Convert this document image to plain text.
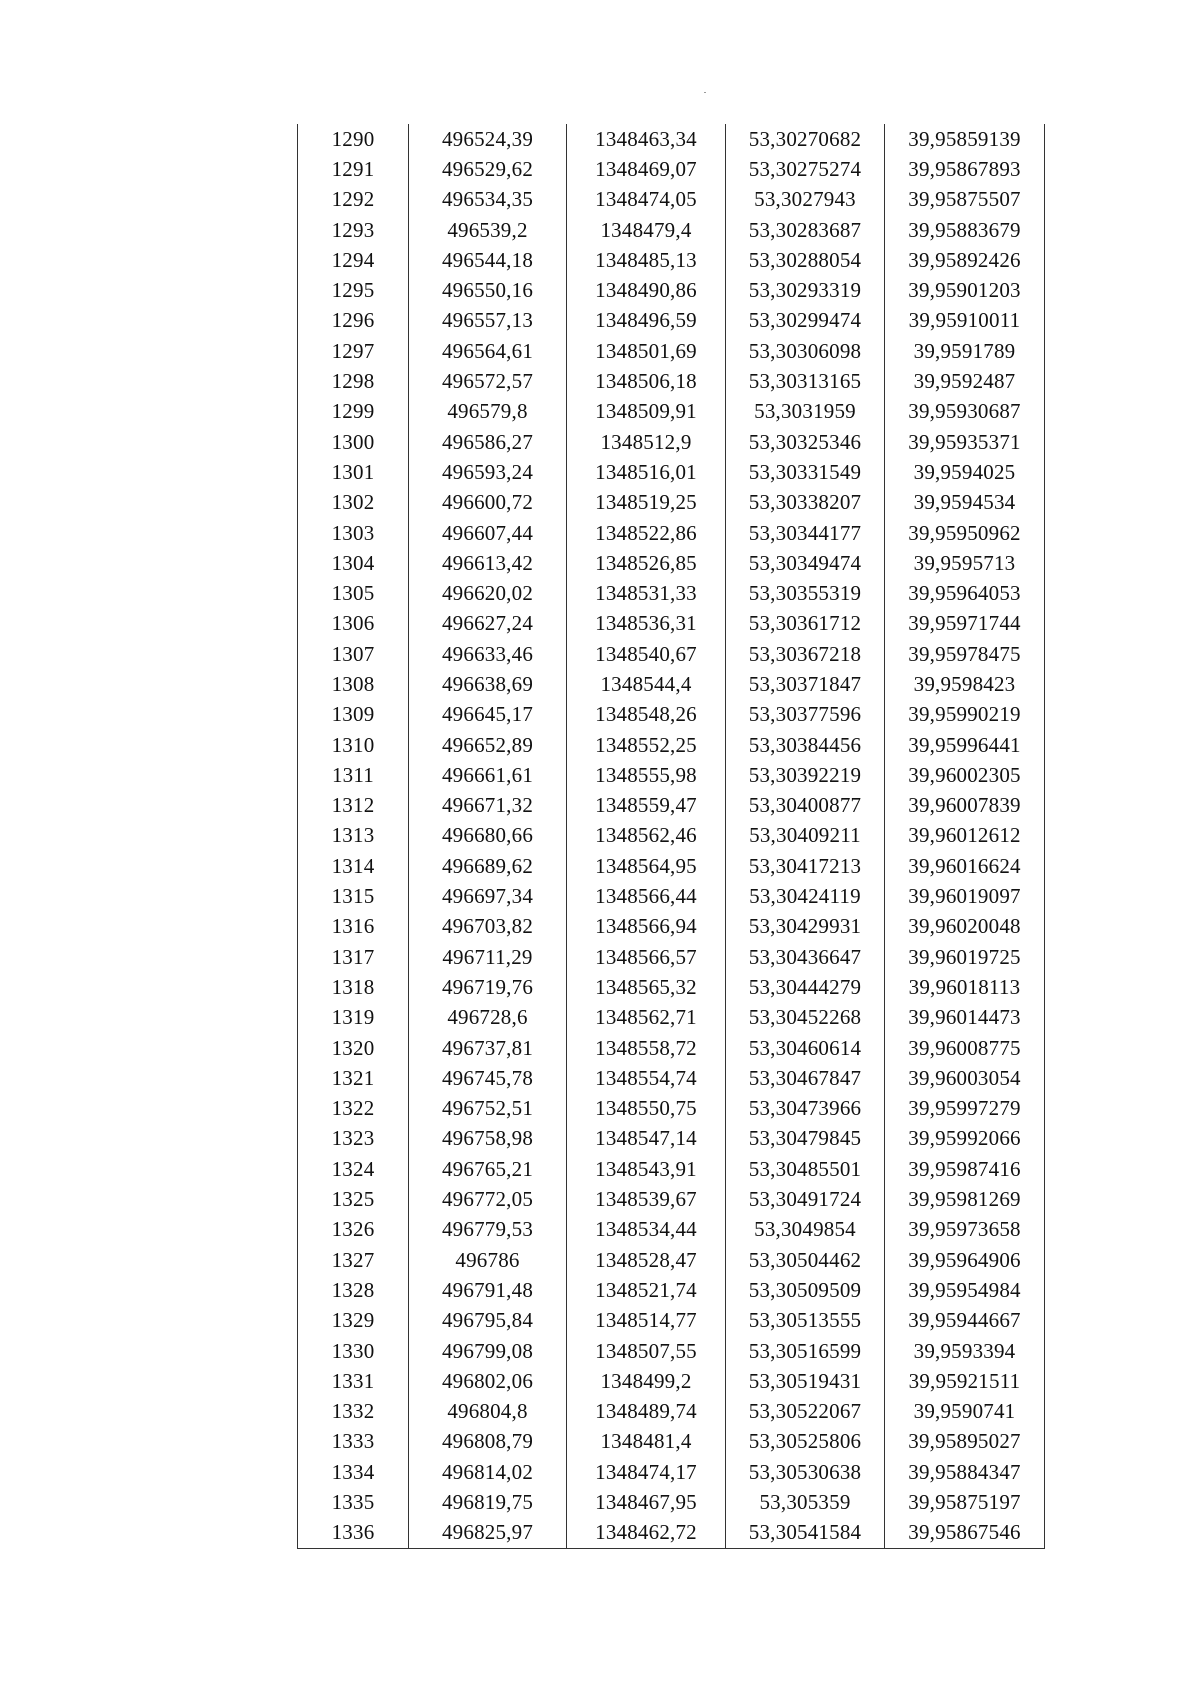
1290	496524,39	1348463,34	53,30270682	39,95859139
1291	496529,62	1348469,07	53,30275274	39,95867893
1292	496534,35	1348474,05	53,3027943	39,95875507
1293	496539,2	1348479,4	53,30283687	39,95883679
1294	496544,18	1348485,13	53,30288054	39,95892426
1295	496550,16	1348490,86	53,30293319	39,95901203
1296	496557,13	1348496,59	53,30299474	39,95910011
1297	496564,61	1348501,69	53,30306098	39,9591789
1298	496572,57	1348506,18	53,30313165	39,9592487
1299	496579,8	1348509,91	53,3031959	39,95930687
1300	496586,27	1348512,9	53,30325346	39,95935371
1301	496593,24	1348516,01	53,30331549	39,9594025
1302	496600,72	1348519,25	53,30338207	39,9594534
1303	496607,44	1348522,86	53,30344177	39,95950962
1304	496613,42	1348526,85	53,30349474	39,9595713
1305	496620,02	1348531,33	53,30355319	39,95964053
1306	496627,24	1348536,31	53,30361712	39,95971744
1307	496633,46	1348540,67	53,30367218	39,95978475
1308	496638,69	1348544,4	53,30371847	39,9598423
1309	496645,17	1348548,26	53,30377596	39,95990219
1310	496652,89	1348552,25	53,30384456	39,95996441
1311	496661,61	1348555,98	53,30392219	39,96002305
1312	496671,32	1348559,47	53,30400877	39,96007839
1313	496680,66	1348562,46	53,30409211	39,96012612
1314	496689,62	1348564,95	53,30417213	39,96016624
1315	496697,34	1348566,44	53,30424119	39,96019097
1316	496703,82	1348566,94	53,30429931	39,96020048
1317	496711,29	1348566,57	53,30436647	39,96019725
1318	496719,76	1348565,32	53,30444279	39,96018113
1319	496728,6	1348562,71	53,30452268	39,96014473
1320	496737,81	1348558,72	53,30460614	39,96008775
1321	496745,78	1348554,74	53,30467847	39,96003054
1322	496752,51	1348550,75	53,30473966	39,95997279
1323	496758,98	1348547,14	53,30479845	39,95992066
1324	496765,21	1348543,91	53,30485501	39,95987416
1325	496772,05	1348539,67	53,30491724	39,95981269
1326	496779,53	1348534,44	53,3049854	39,95973658
1327	496786	1348528,47	53,30504462	39,95964906
1328	496791,48	1348521,74	53,30509509	39,95954984
1329	496795,84	1348514,77	53,30513555	39,95944667
1330	496799,08	1348507,55	53,30516599	39,9593394
1331	496802,06	1348499,2	53,30519431	39,95921511
1332	496804,8	1348489,74	53,30522067	39,9590741
1333	496808,79	1348481,4	53,30525806	39,95895027
1334	496814,02	1348474,17	53,30530638	39,95884347
1335	496819,75	1348467,95	53,305359	39,95875197
1336	496825,97	1348462,72	53,30541584	39,95867546
